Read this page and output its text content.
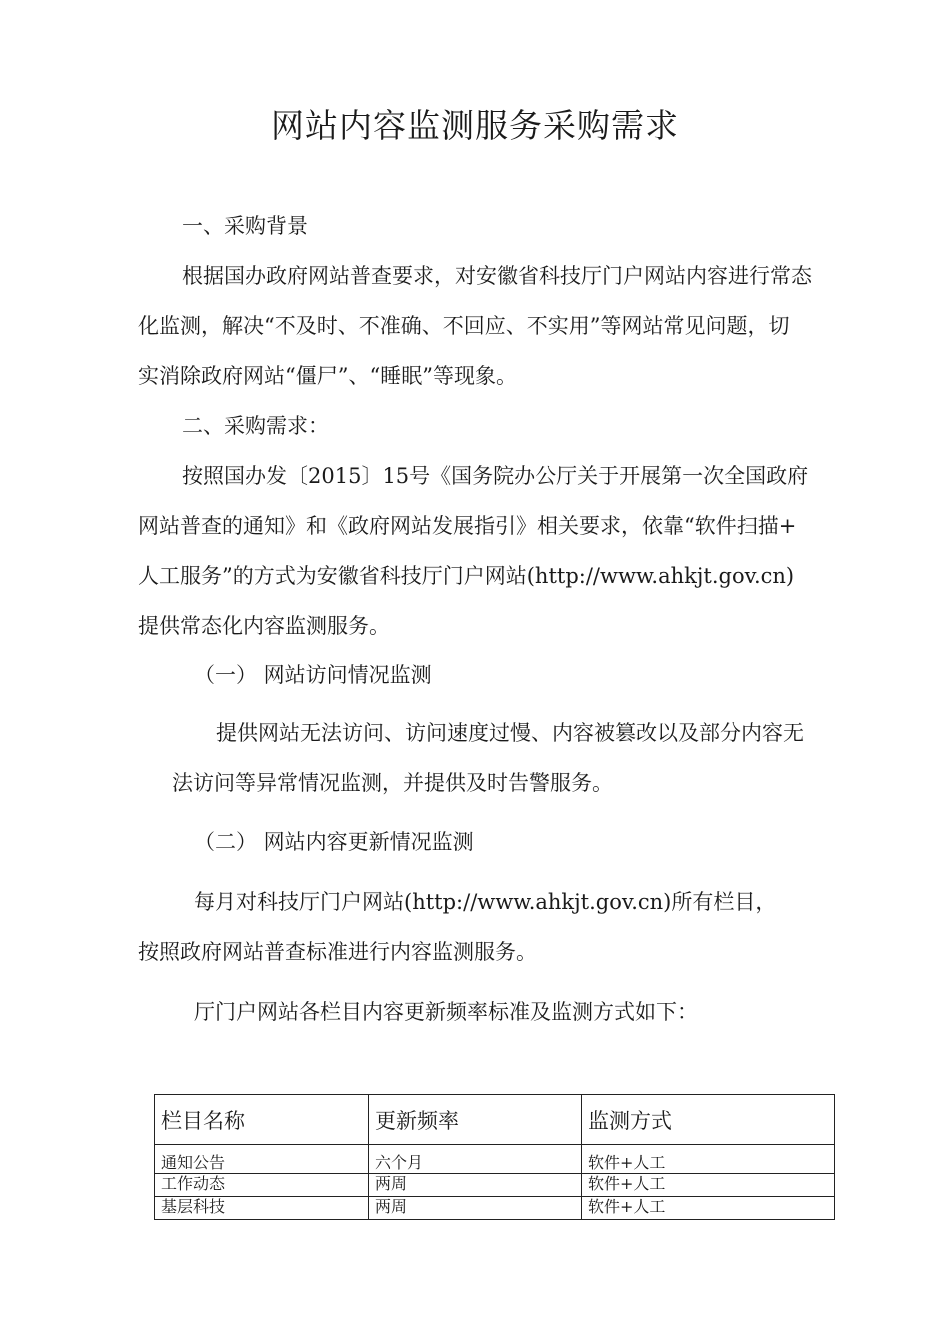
网站内容监测服务采购需求
一、采购背景
根据国办政府网站普查要求，对安徽省科技厅门户网站内容进行常态
化监测，解决“不及时、不准确、不回应、不实用”等网站常见问题，切
实消除政府网站“僵尸”、“睡眠”等现象。
二、采购需求：
按照国办发〔2015〕15号《国务院办公厅关于开展第一次全国政府
网站普查的通知》和《政府网站发展指引》相关要求，依靠“软件扫描+
人工服务”的方式为安徽省科技厅门户网站(http://www.ahkjt.gov.cn)
提供常态化内容监测服务。
（一） 网站访问情况监测
提供网站无法访问、访问速度过慢、内容被篡改以及部分内容无
法访问等异常情况监测，并提供及时告警服务。
（二） 网站内容更新情况监测
每月对科技厅门户网站(http://www.ahkjt.gov.cn)所有栏目，
按照政府网站普查标准进行内容监测服务。
厅门户网站各栏目内容更新频率标准及监测方式如下：
栏目名称	更新频率	监测方式
通知公告	六个月	软件+人工
工作动态	两周	软件+人工
基层科技	两周	软件+人工
